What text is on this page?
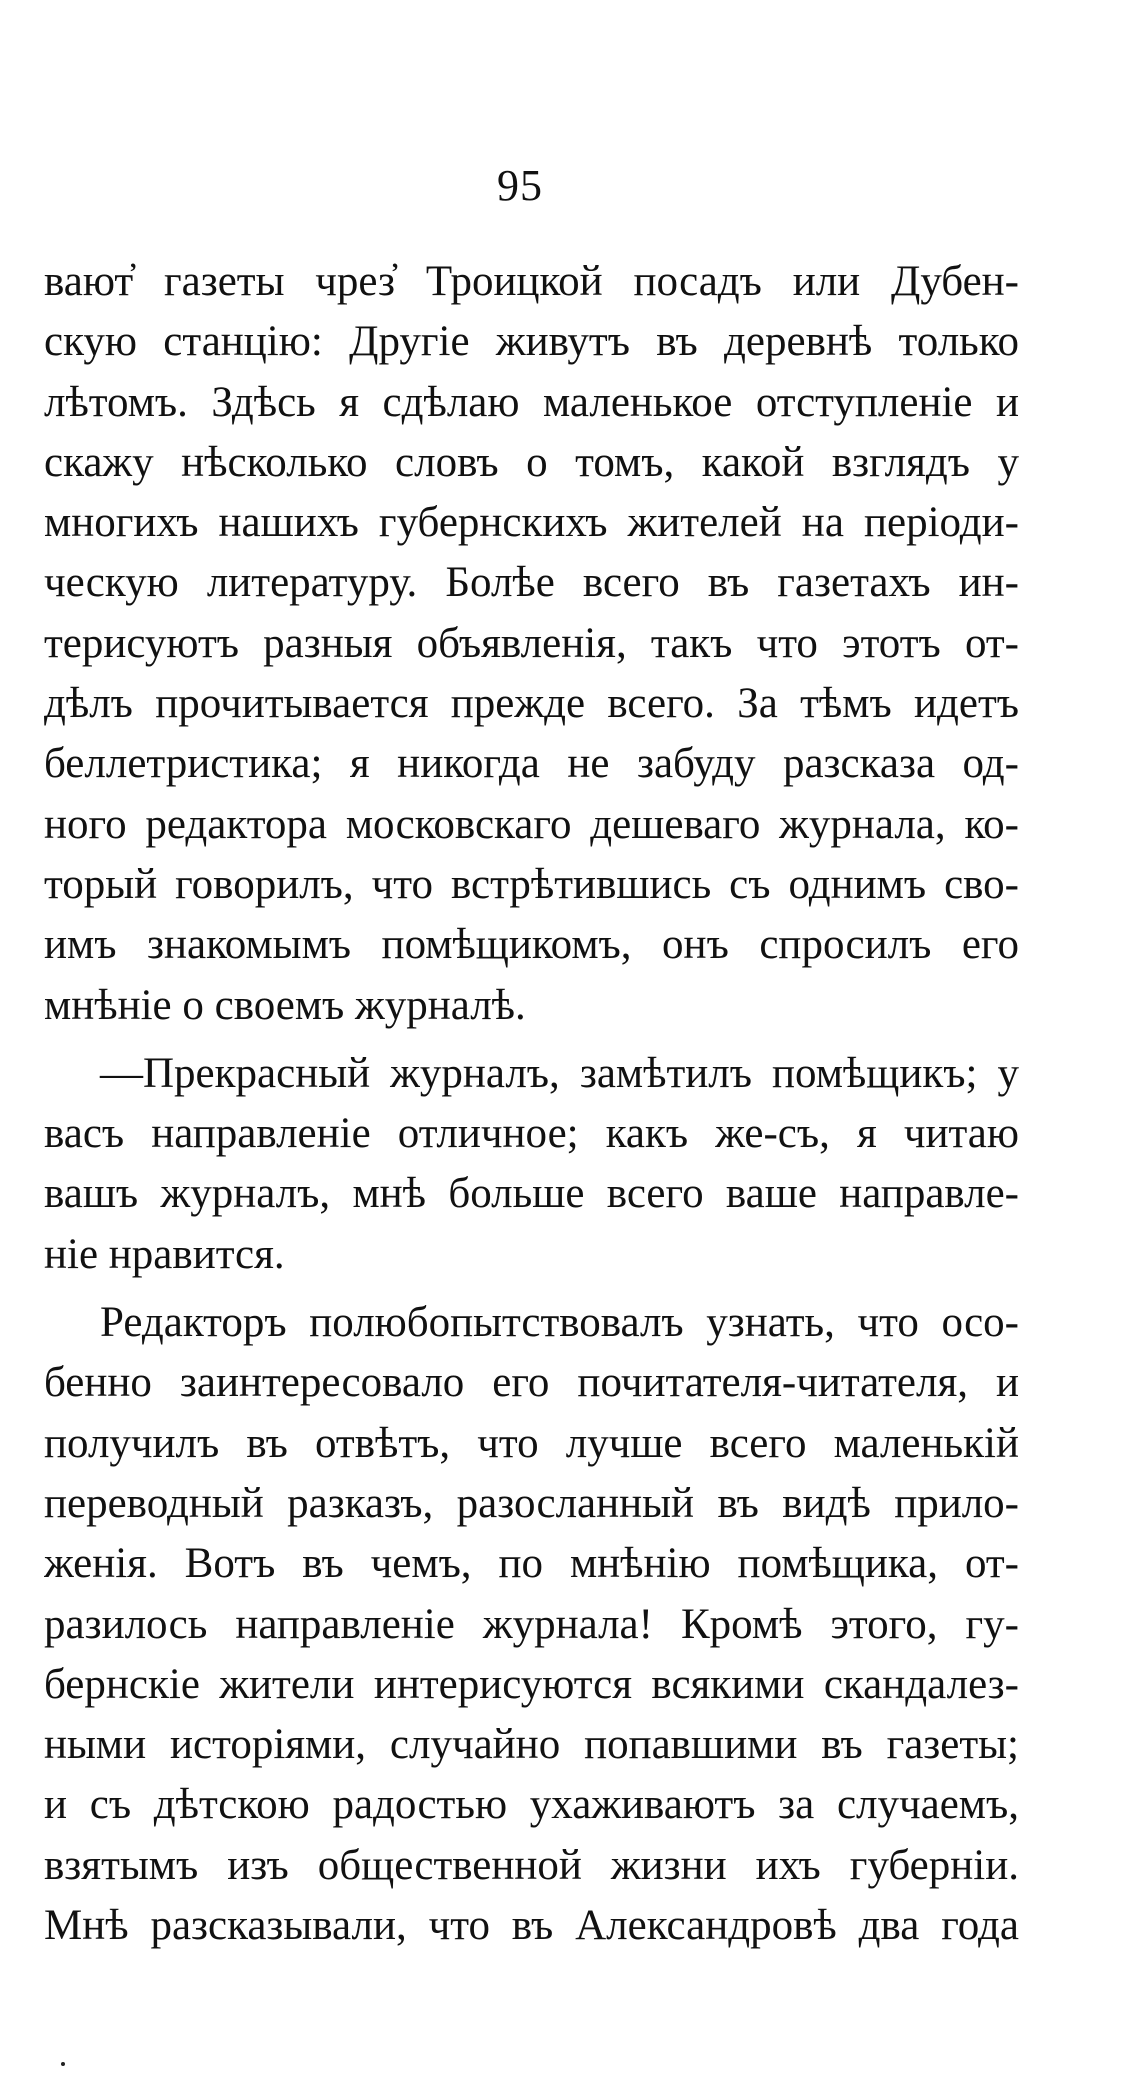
95
вают҆ газеты чрез҆ Троицкой посадъ или Дубен-
скую станцію: Другіе живутъ въ деревнѣ только
лѣтомъ. Здѣсь я сдѣлаю маленькое отступленіе и
скажу нѣсколько словъ о томъ, какой взглядъ у
многихъ нашихъ губернскихъ жителей на періоди-
ческую литературу. Болѣе всего въ газетахъ ин-
терисуютъ разныя объявленія, такъ что этотъ от-
дѣлъ прочитывается прежде всего. За тѣмъ идетъ
беллетристика; я никогда не забуду разсказа од-
ного редактора московскаго дешеваго журнала, ко-
торый говорилъ, что встрѣтившись съ однимъ сво-
имъ знакомымъ помѣщикомъ, онъ спросилъ его
мнѣніе о своемъ журналѣ.
—Прекрасный журналъ, замѣтилъ помѣщикъ; у
васъ направленіе отличное; какъ же-съ, я читаю
вашъ журналъ, мнѣ больше всего ваше направле-
ніе нравится.
Редакторъ полюбопытствовалъ узнать, что осо-
бенно заинтересовало его почитателя-читателя, и
получилъ въ отвѣтъ, что лучше всего маленькій
переводный разказъ, разосланный въ видѣ прило-
женія. Вотъ въ чемъ, по мнѣнію помѣщика, от-
разилось направленіе журнала! Кромѣ этого, гу-
бернскіе жители интерисуются всякими скандалез-
ными исторіями, случайно попавшими въ газеты;
и съ дѣтскою радостью ухаживаютъ за случаемъ,
взятымъ изъ общественной жизни ихъ губерніи.
Мнѣ разсказывали, что въ Александровѣ два года
